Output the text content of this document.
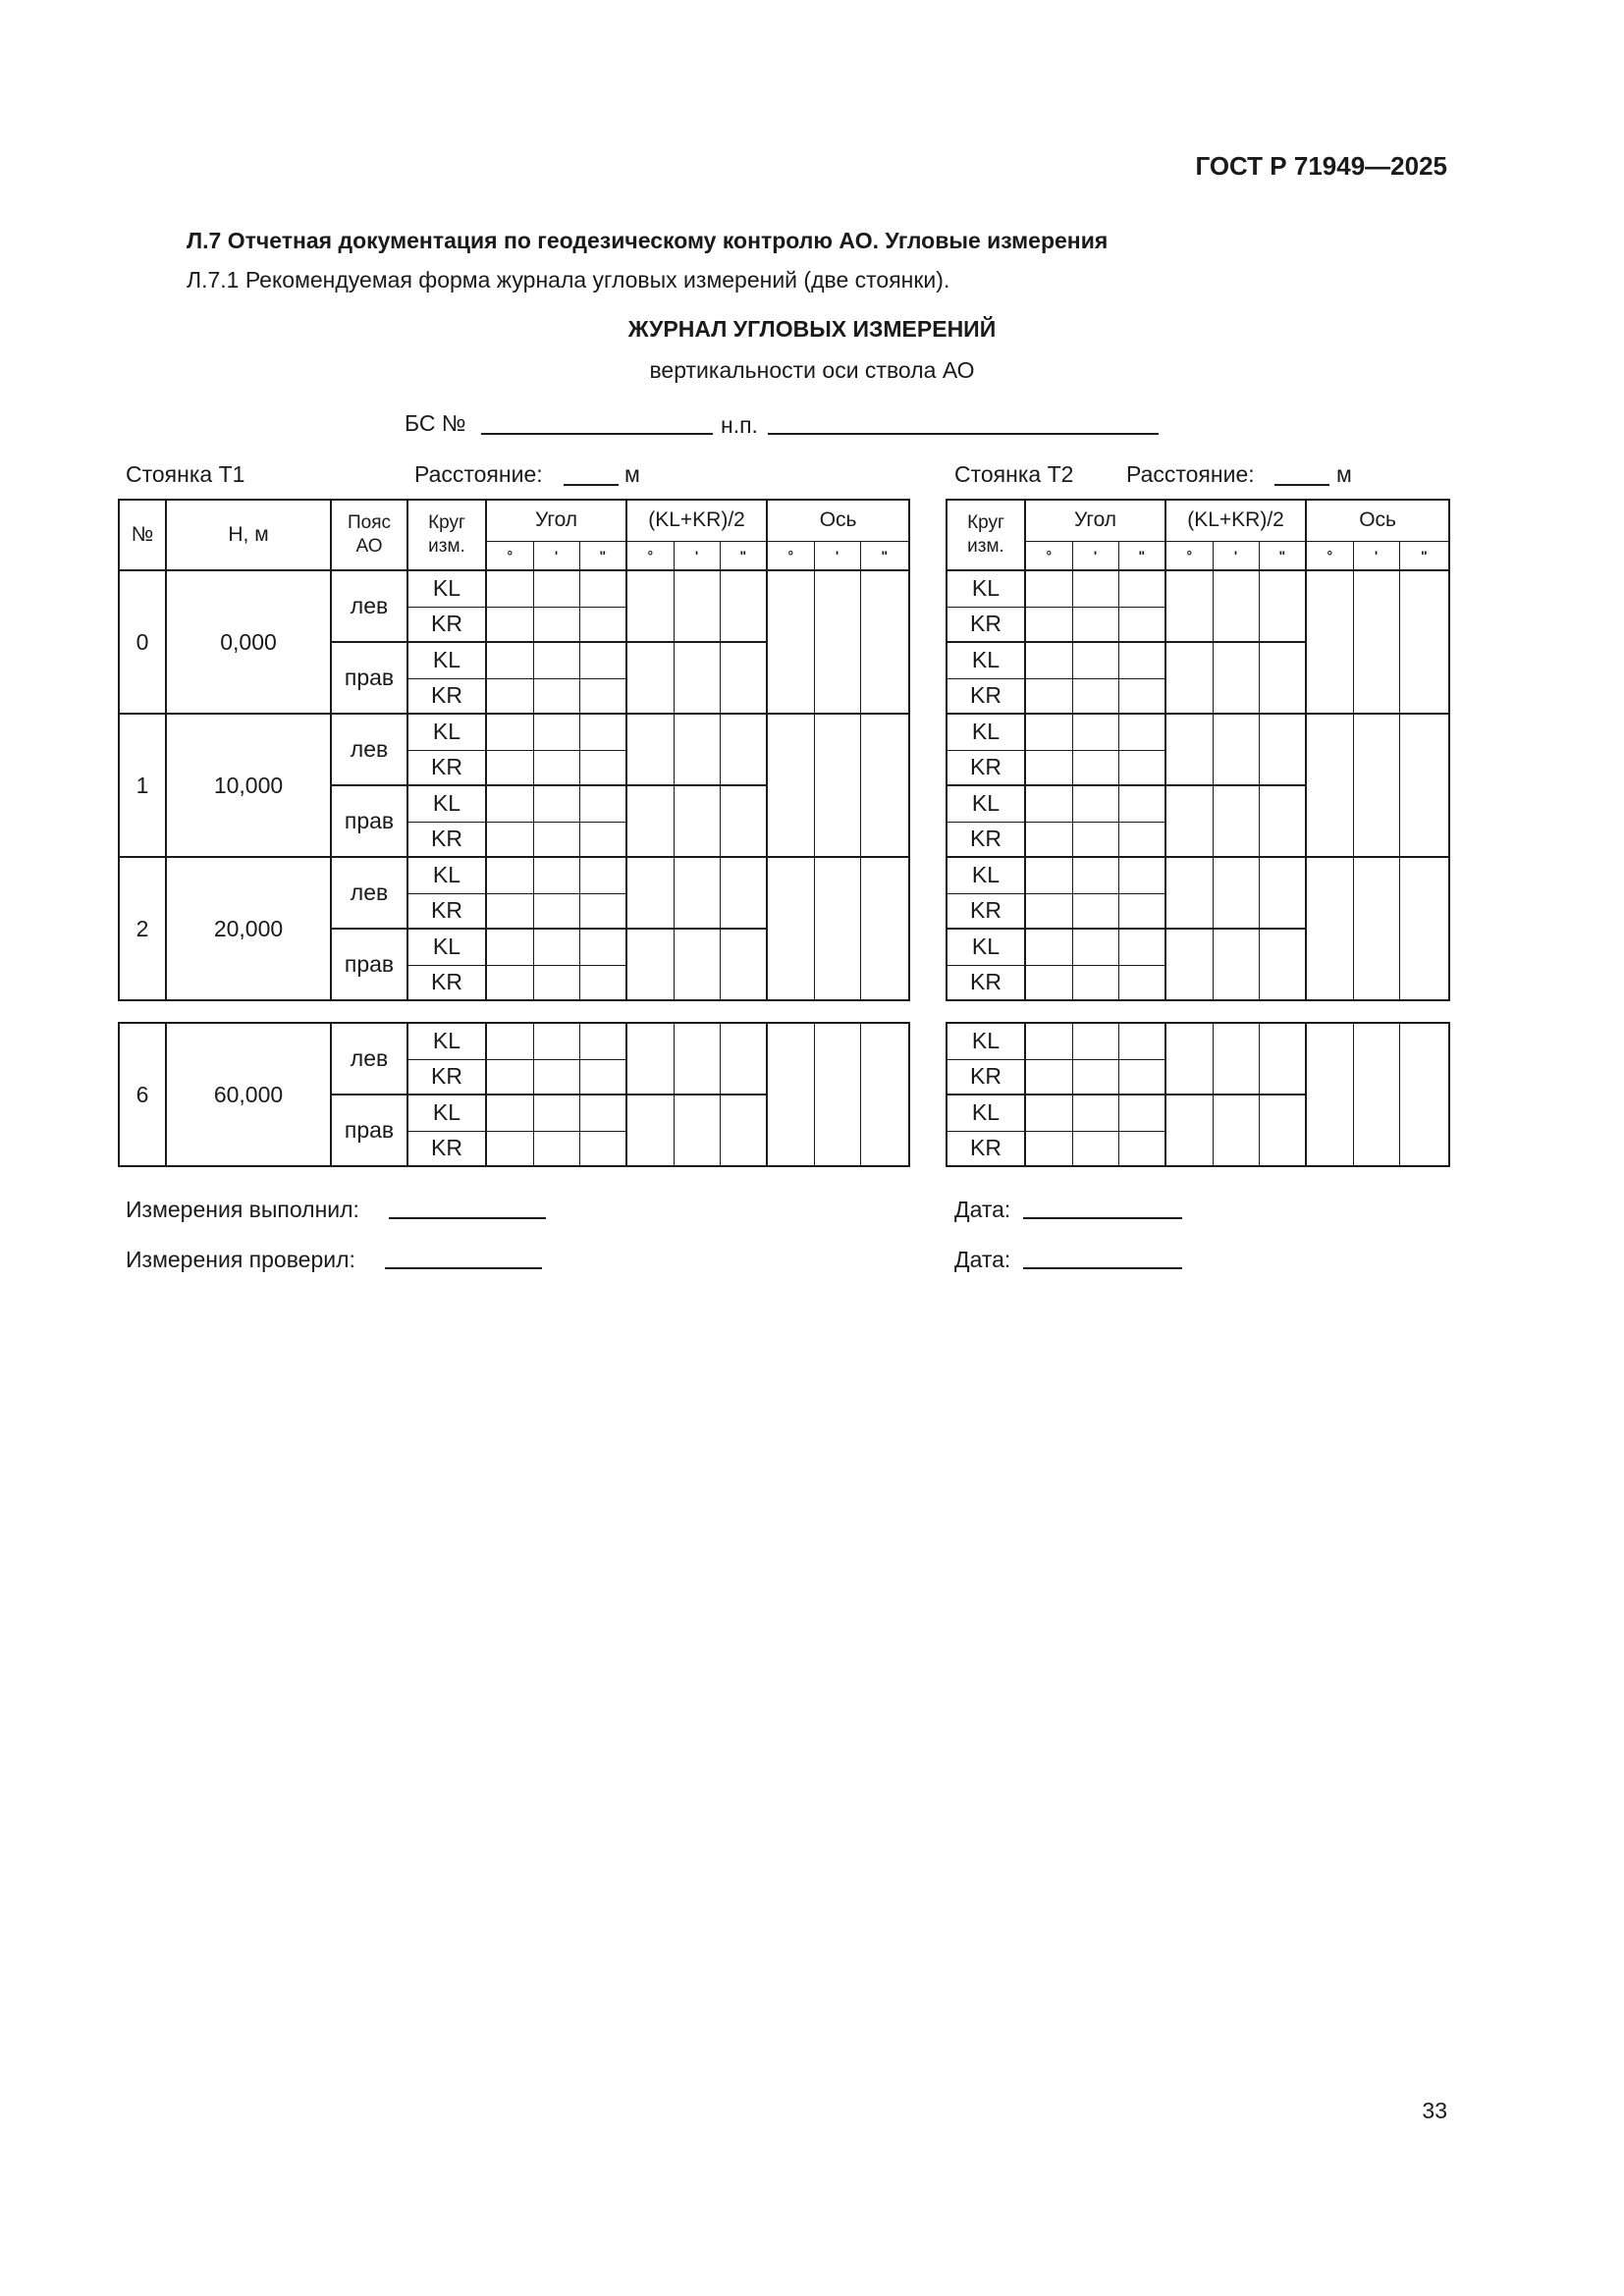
ГОСТ Р 71949—2025
Л.7 Отчетная документация по геодезическому контролю АО. Угловые измерения
Л.7.1 Рекомендуемая форма журнала угловых измерений (две стоянки).
ЖУРНАЛ УГЛОВЫХ ИЗМЕРЕНИЙ
вертикальности оси ствола АО
БС №	н.п.
Стоянка Т1	Расстояние:	м	Стоянка Т2 Расстояние:	м
№	Н, м	Пояс АО	Круг изм.	Угол			(KL+KR)/2			Ось		
				°	'	"	°	'	"	°	'	"
0	0,000	лев	KL									
			KR									
		прав	KL									
			KR									
1	10,000	лев	KL									
			KR									
		прав	KL									
			KR									
2	20,000	лев	KL									
			KR									
		прав	KL									
			KR									
6	60,000	лев	KL									
			KR									
		прав	KL									
			KR									
Круг изм.	Угол			(KL+KR)/2			Ось		
	°	'	"	°	'	"	°	'	"
KL									
KR									
KL									
KR									
KL									
KR									
KL									
KR									
KL									
KR									
KL									
KR									
KL									
KR									
KL									
KR									
Измерения выполнил:	Дата:
Измерения проверил:	Дата:
33
